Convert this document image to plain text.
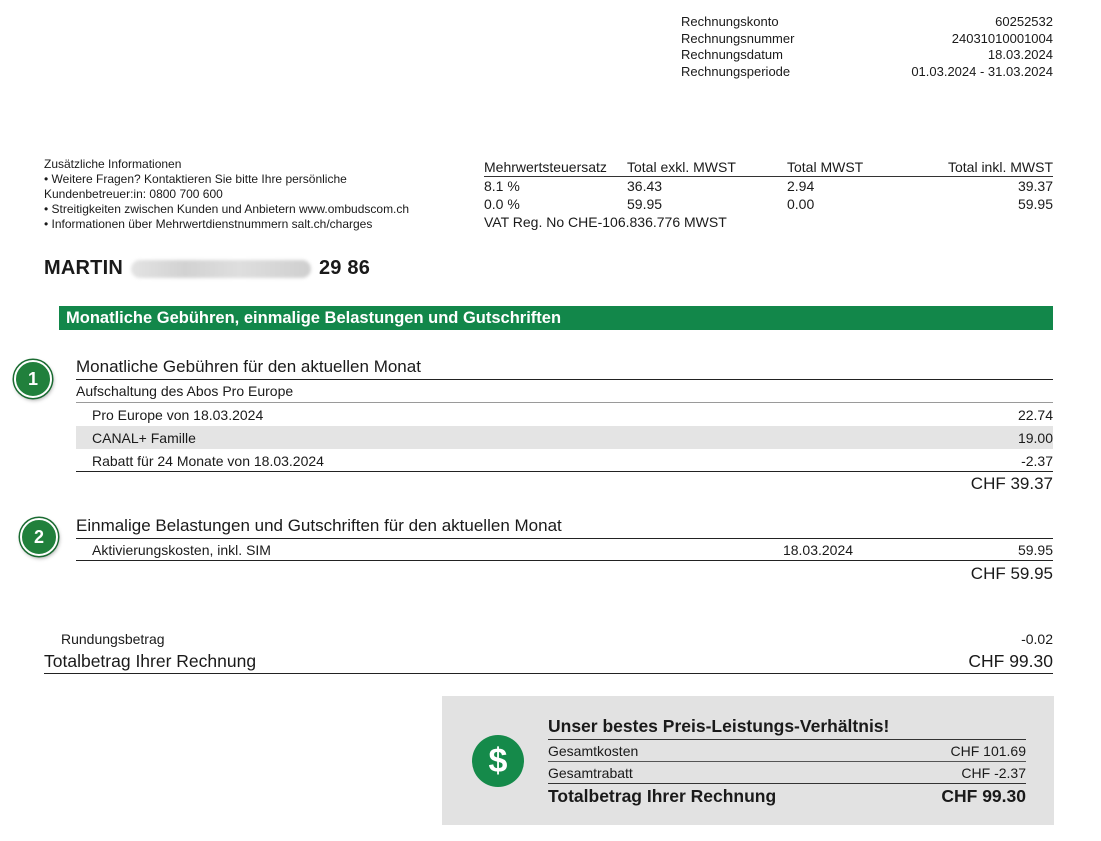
Rechnungskonto	60252532
Rechnungsnummer	24031010001004
Rechnungsdatum	18.03.2024
Rechnungsperiode	01.03.2024 - 31.03.2024
Zusätzliche Informationen
• Weitere Fragen? Kontaktieren Sie bitte Ihre persönliche
Kundenbetreuer:in: 0800 700 600
• Streitigkeiten zwischen Kunden und Anbietern www.ombudscom.ch
• Informationen über Mehrwertdienstnummern salt.ch/charges
Mehrwertsteuersatz	Total exkl. MWST	Total MWST	Total inkl. MWST
8.1 %	36.43	2.94	39.37
0.0 %	59.95	0.00	59.95
VAT Reg. No CHE-106.836.776 MWST
MARTIN	29 86
Monatliche Gebühren, einmalige Belastungen und Gutschriften
1
Monatliche Gebühren für den aktuellen Monat
Aufschaltung des Abos Pro Europe
Pro Europe von 18.03.2024	22.74
CANAL+ Famille	19.00
Rabatt für 24 Monate von 18.03.2024	-2.37
CHF 39.37
2
Einmalige Belastungen und Gutschriften für den aktuellen Monat
Aktivierungskosten, inkl. SIM	18.03.2024	59.95
CHF 59.95
Rundungsbetrag	-0.02
Totalbetrag Ihrer Rechnung	CHF 99.30
$
Unser bestes Preis-Leistungs-Verhältnis!
Gesamtkosten	CHF 101.69
Gesamtrabatt	CHF -2.37
Totalbetrag Ihrer Rechnung	CHF 99.30
